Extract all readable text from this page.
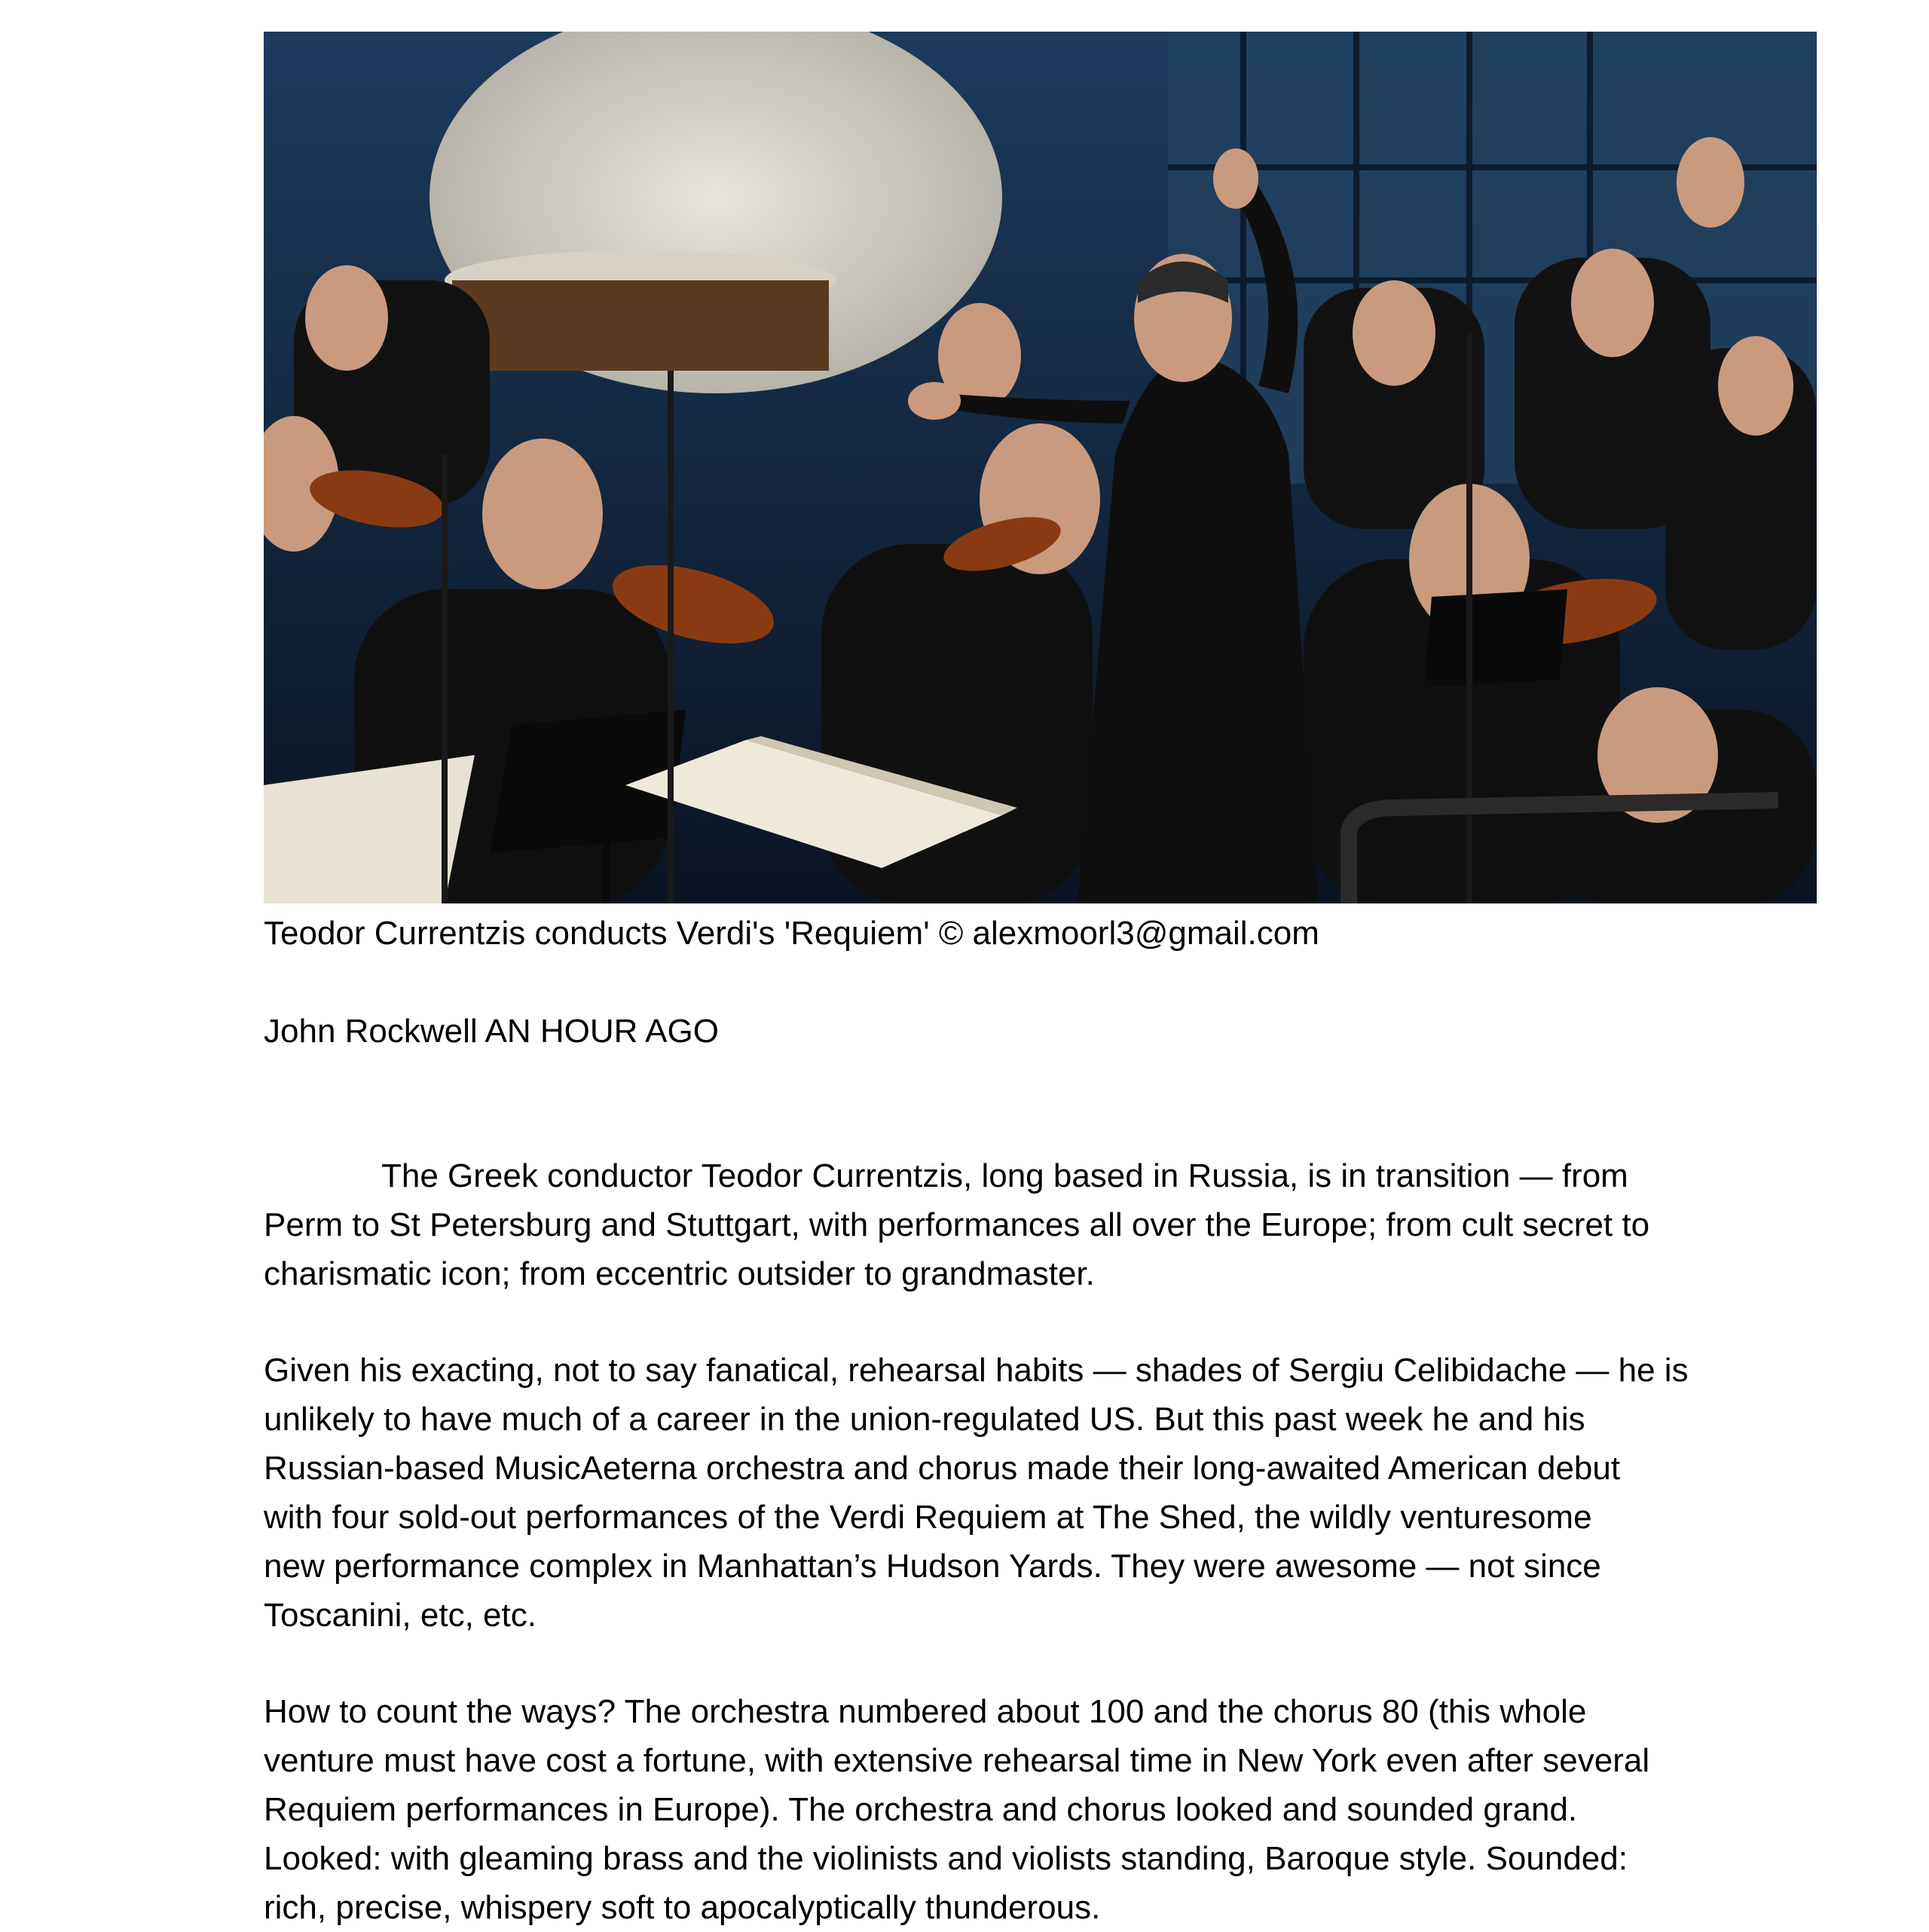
Teodor Currentzis conducts Verdi's 'Requiem' © alexmoorl3@gmail.com
John Rockwell AN HOUR AGO

The Greek conductor Teodor Currentzis, long based in Russia, is in transition — from

Perm to St Petersburg and Stuttgart, with performances all over the Europe; from cult secret to

charismatic icon; from eccentric outsider to grandmaster.

Given his exacting, not to say fanatical, rehearsal habits — shades of Sergiu Celibidache — he is

unlikely to have much of a career in the union-regulated US. But this past week he and his

Russian-based MusicAeterna orchestra and chorus made their long-awaited American debut

with four sold-out performances of the Verdi Requiem at The Shed, the wildly venturesome

new performance complex in Manhattan’s Hudson Yards. They were awesome — not since

Toscanini, etc, etc.

How to count the ways? The orchestra numbered about 100 and the chorus 80 (this whole

venture must have cost a fortune, with extensive rehearsal time in New York even after several

Requiem performances in Europe). The orchestra and chorus looked and sounded grand.

Looked: with gleaming brass and the violinists and violists standing, Baroque style. Sounded:

rich, precise, whispery soft to apocalyptically thunderous.
